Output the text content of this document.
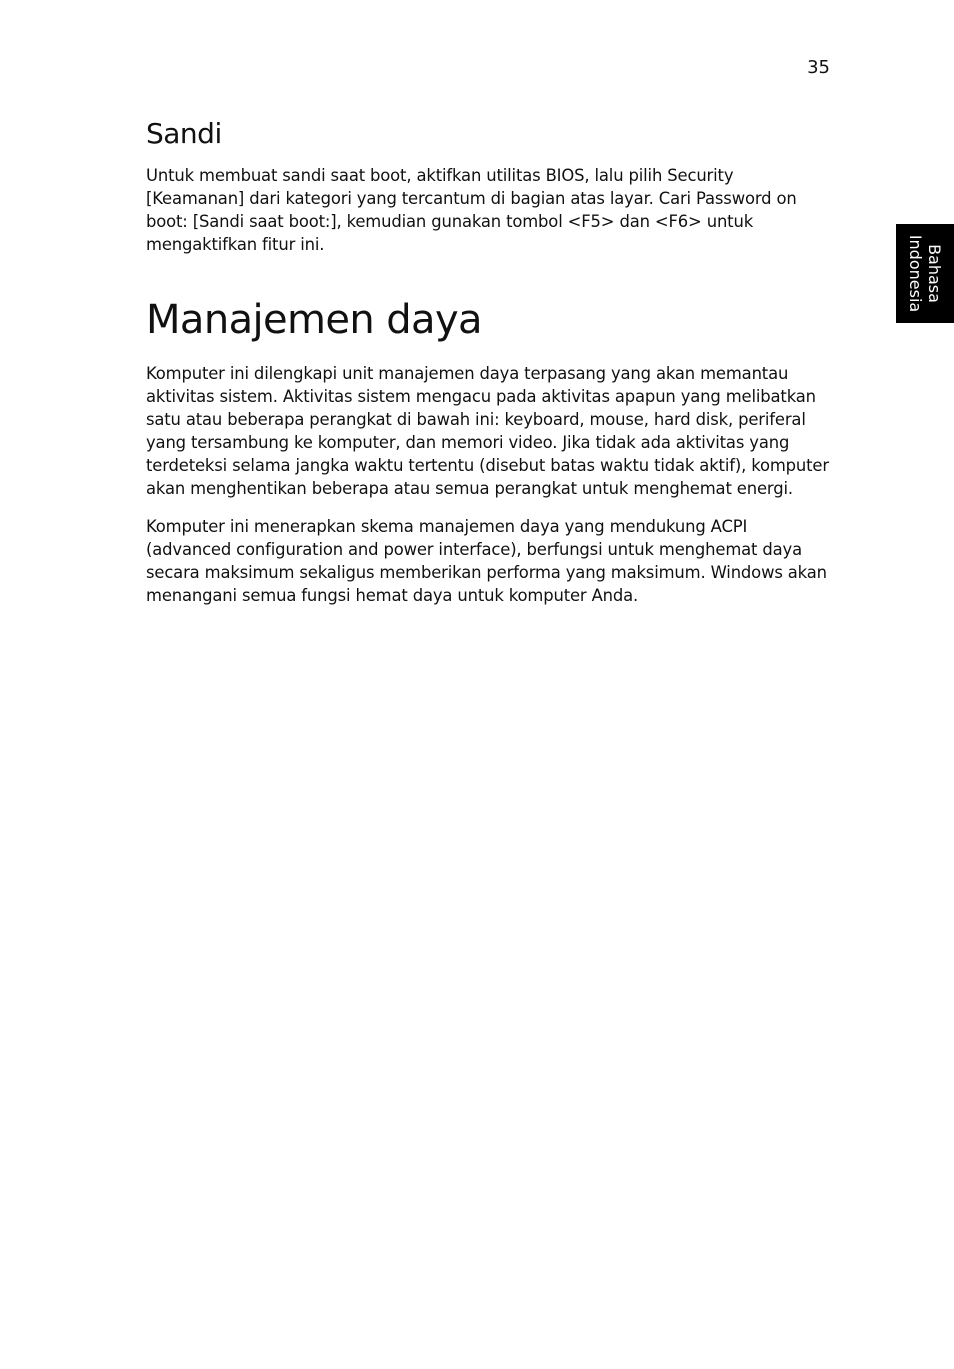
35
Bahasa
Indonesia
Sandi

Untuk membuat sandi saat boot, aktifkan utilitas BIOS, lalu pilih Security [Keamanan] dari kategori yang tercantum di bagian atas layar. Cari Password on boot: [Sandi saat boot:], kemudian gunakan tombol <F5> dan <F6> untuk mengaktifkan fitur ini.

Manajemen daya

Komputer ini dilengkapi unit manajemen daya terpasang yang akan memantau aktivitas sistem. Aktivitas sistem mengacu pada aktivitas apapun yang melibatkan satu atau beberapa perangkat di bawah ini: keyboard, mouse, hard disk, periferal yang tersambung ke komputer, dan memori video. Jika tidak ada aktivitas yang terdeteksi selama jangka waktu tertentu (disebut batas waktu tidak aktif), komputer akan menghentikan beberapa atau semua perangkat untuk menghemat energi.

Komputer ini menerapkan skema manajemen daya yang mendukung ACPI (advanced configuration and power interface), berfungsi untuk menghemat daya secara maksimum sekaligus memberikan performa yang maksimum. Windows akan menangani semua fungsi hemat daya untuk komputer Anda.
